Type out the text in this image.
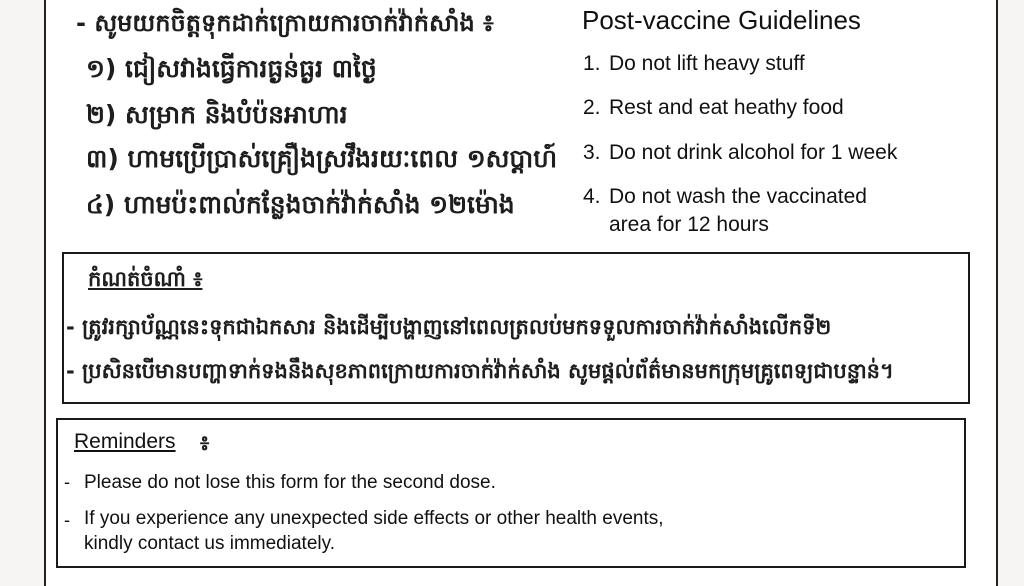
- សូមយកចិត្តទុកដាក់ក្រោយការចាក់វ៉ាក់សាំង ៖
១) ជៀសវាងធ្វើការធ្ងន់ធ្ងរ ៣ថ្ងៃ
២) សម្រាក និងបំប៉នអាហារ
៣) ហាមប្រើប្រាស់គ្រឿងស្រវឹងរយៈពេល ១សប្តាហ៍
៤) ហាមប៉ះពាល់កន្លែងចាក់វ៉ាក់សាំង ១២ម៉ោង
Post-vaccine Guidelines
1. Do not lift heavy stuff
2. Rest and eat heathy food
3. Do not drink alcohol for 1 week
4. Do not wash the vaccinated
area for 12 hours
កំណត់ចំណាំ ៖
- ត្រូវរក្សាប័ណ្ណនេះទុកជាឯកសារ និងដើម្បីបង្ហាញនៅពេលត្រលប់មកទទួលការចាក់វ៉ាក់សាំងលើកទី២
- ប្រសិនបើមានបញ្ហាទាក់ទងនឹងសុខភាពក្រោយការចាក់វ៉ាក់សាំង សូមផ្តល់ព័ត៌មានមកក្រុមគ្រូពេទ្យជាបន្ទាន់។
Reminders ៖
- Please do not lose this form for the second dose.
- If you experience any unexpected side effects or other health events,
kindly contact us immediately.
